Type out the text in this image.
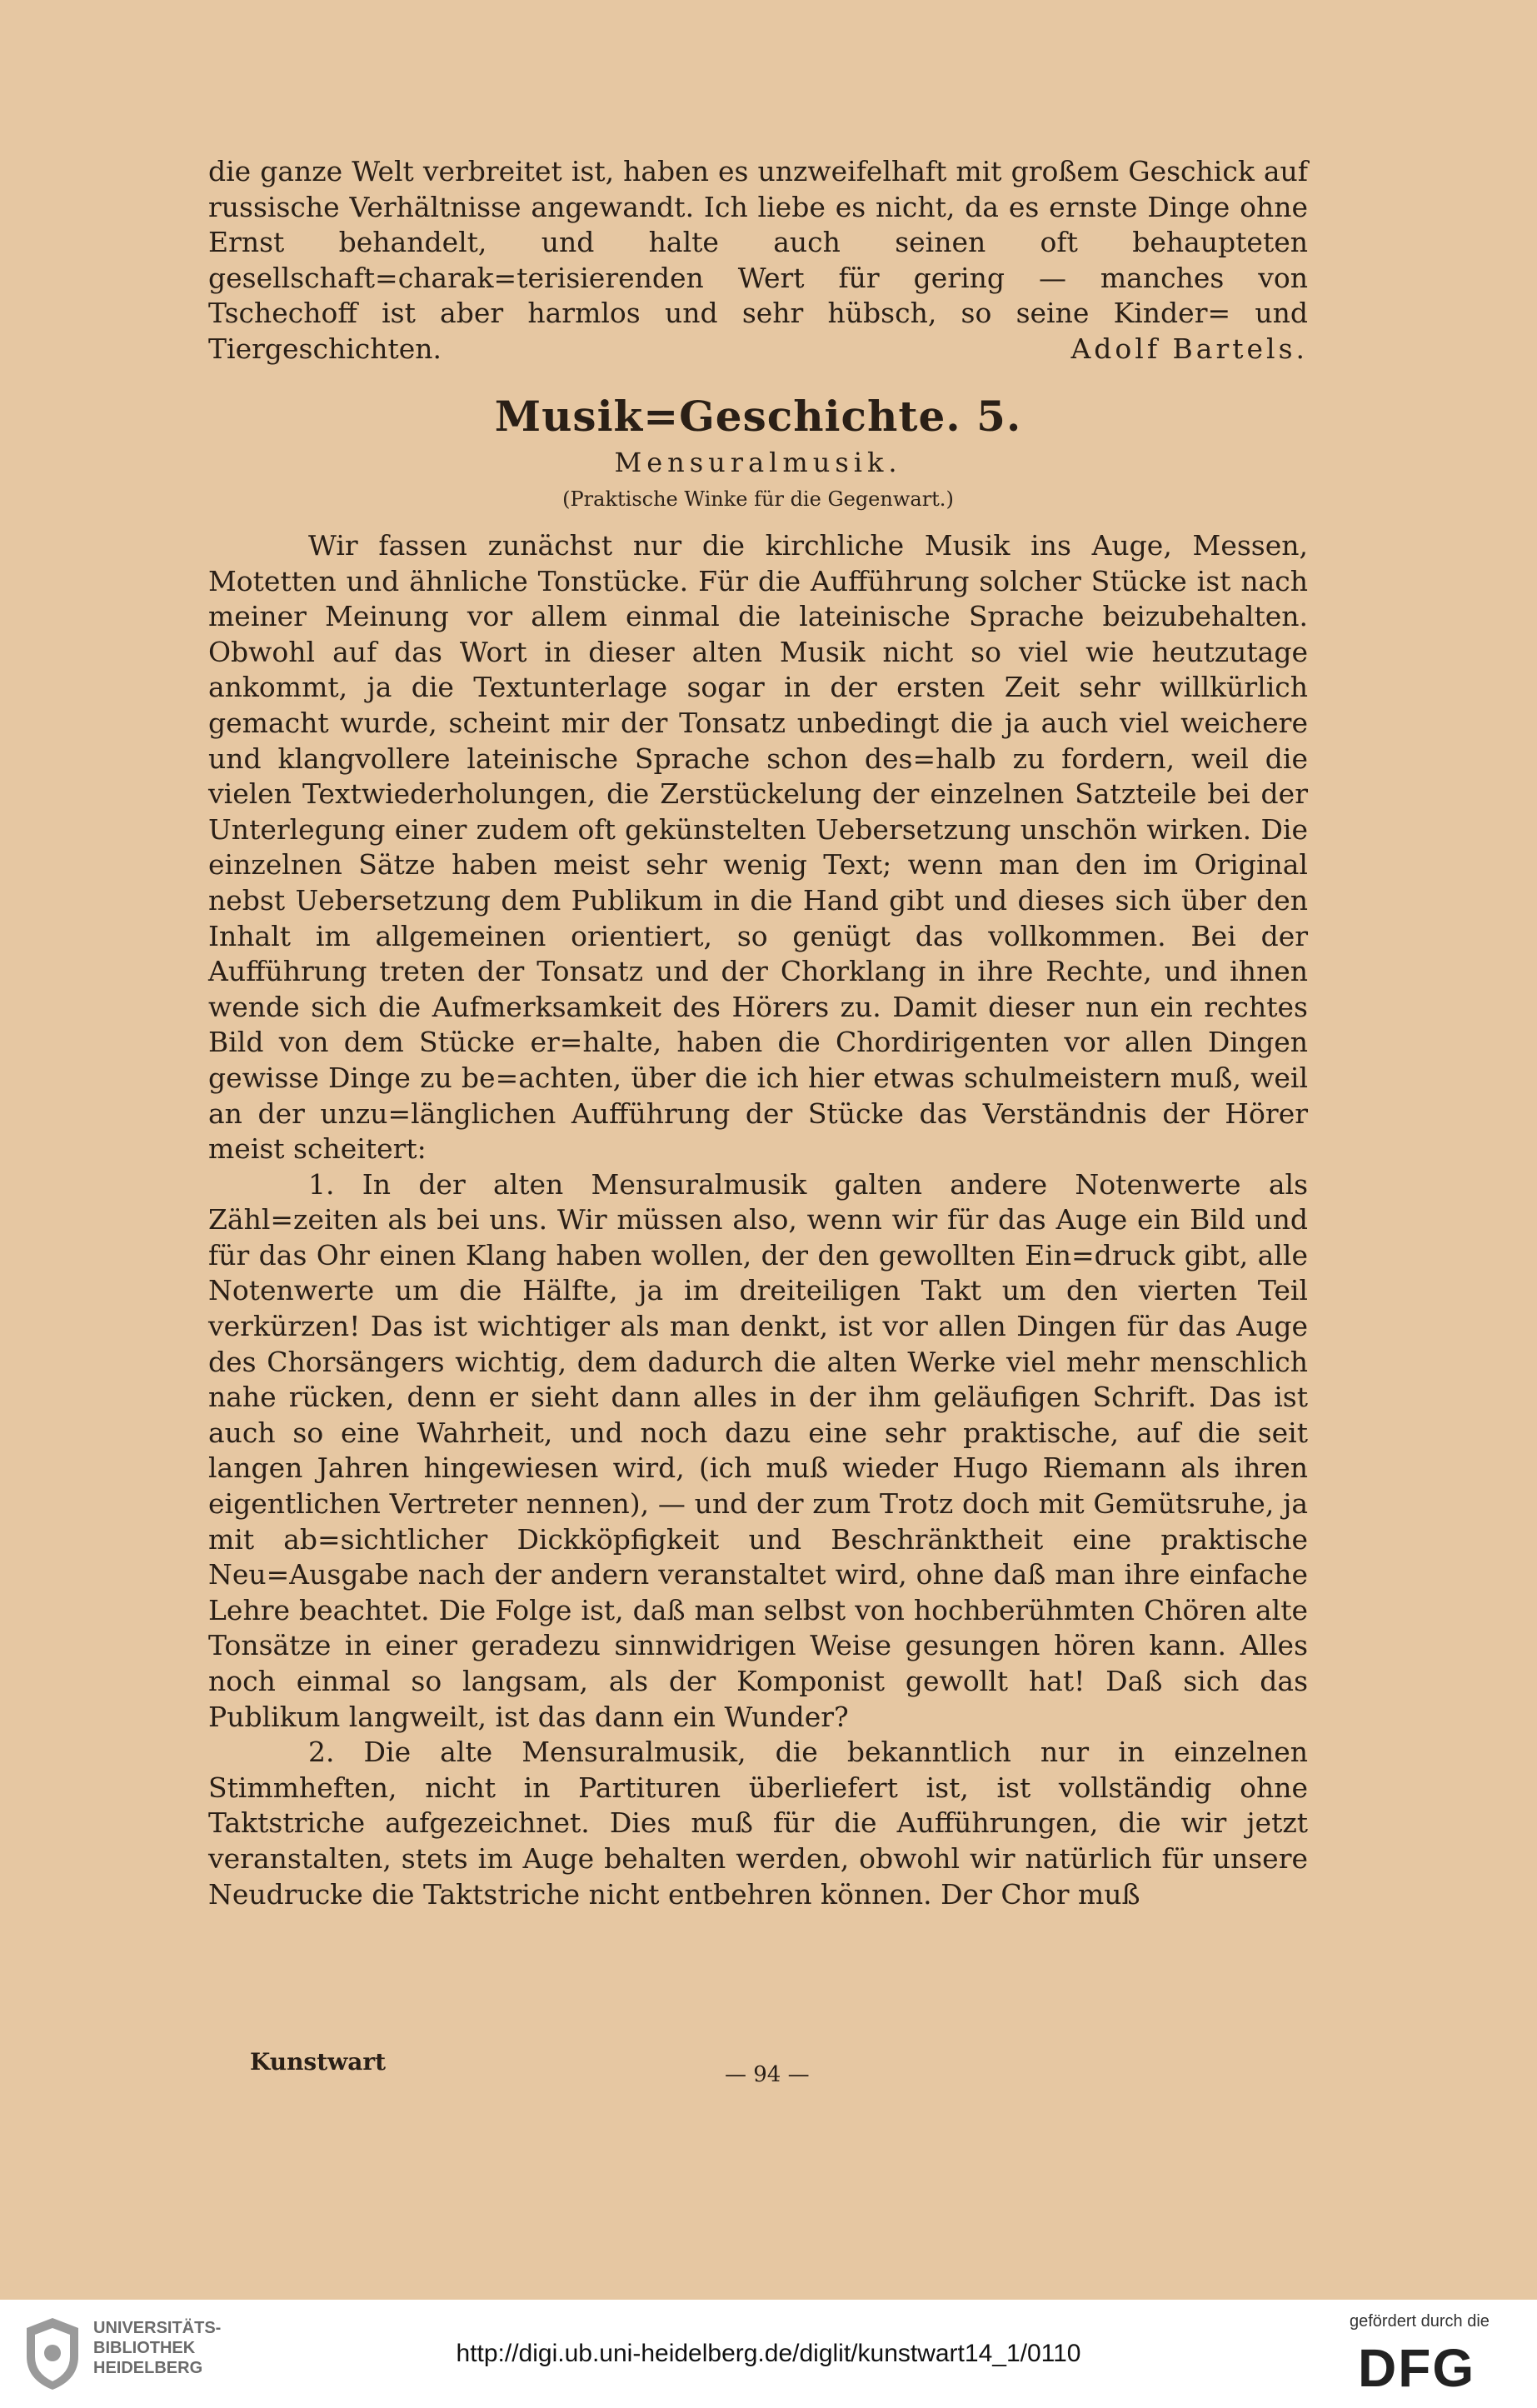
die ganze Welt verbreitet ist, haben es unzweifelhaft mit großem Geschick auf russische Verhältnisse angewandt. Ich liebe es nicht, da es ernste Dinge ohne Ernst behandelt, und halte auch seinen oft behaupteten gesellschaft=charak=terisierenden Wert für gering — manches von Tschechoff ist aber harmlos und sehr hübsch, so seine Kinder= und Tiergeschichten.	Adolf Bartels.

Musik=Geschichte. 5.
Mensuralmusik.
(Praktische Winke für die Gegenwart.)

Wir fassen zunächst nur die kirchliche Musik ins Auge, Messen, Motetten und ähnliche Tonstücke. Für die Aufführung solcher Stücke ist nach meiner Meinung vor allem einmal die lateinische Sprache beizubehalten. Obwohl auf das Wort in dieser alten Musik nicht so viel wie heutzutage ankommt, ja die Textunterlage sogar in der ersten Zeit sehr willkürlich gemacht wurde, scheint mir der Tonsatz unbedingt die ja auch viel weichere und klangvollere lateinische Sprache schon des=halb zu fordern, weil die vielen Textwiederholungen, die Zerstückelung der einzelnen Satzteile bei der Unterlegung einer zudem oft gekünstelten Uebersetzung unschön wirken. Die einzelnen Sätze haben meist sehr wenig Text; wenn man den im Original nebst Uebersetzung dem Publikum in die Hand gibt und dieses sich über den Inhalt im allgemeinen orientiert, so genügt das vollkommen. Bei der Aufführung treten der Tonsatz und der Chorklang in ihre Rechte, und ihnen wende sich die Aufmerksamkeit des Hörers zu. Damit dieser nun ein rechtes Bild von dem Stücke er=halte, haben die Chordirigenten vor allen Dingen gewisse Dinge zu be=achten, über die ich hier etwas schulmeistern muß, weil an der unzu=länglichen Aufführung der Stücke das Verständnis der Hörer meist scheitert:

1. In der alten Mensuralmusik galten andere Notenwerte als Zähl=zeiten als bei uns. Wir müssen also, wenn wir für das Auge ein Bild und für das Ohr einen Klang haben wollen, der den gewollten Ein=druck gibt, alle Notenwerte um die Hälfte, ja im dreiteiligen Takt um den vierten Teil verkürzen! Das ist wichtiger als man denkt, ist vor allen Dingen für das Auge des Chorsängers wichtig, dem dadurch die alten Werke viel mehr menschlich nahe rücken, denn er sieht dann alles in der ihm geläufigen Schrift. Das ist auch so eine Wahrheit, und noch dazu eine sehr praktische, auf die seit langen Jahren hingewiesen wird, (ich muß wieder Hugo Riemann als ihren eigentlichen Vertreter nennen), — und der zum Trotz doch mit Gemütsruhe, ja mit ab=sichtlicher Dickköpfigkeit und Beschränktheit eine praktische Neu=Ausgabe nach der andern veranstaltet wird, ohne daß man ihre einfache Lehre beachtet. Die Folge ist, daß man selbst von hochberühmten Chören alte Tonsätze in einer geradezu sinnwidrigen Weise gesungen hören kann. Alles noch einmal so langsam, als der Komponist gewollt hat! Daß sich das Publikum langweilt, ist das dann ein Wunder?

2. Die alte Mensuralmusik, die bekanntlich nur in einzelnen Stimmheften, nicht in Partituren überliefert ist, ist vollständig ohne Taktstriche aufgezeichnet. Dies muß für die Aufführungen, die wir jetzt veranstalten, stets im Auge behalten werden, obwohl wir natürlich für unsere Neudrucke die Taktstriche nicht entbehren können. Der Chor muß

Kunstwart	— 94 —
UNIVERSITÄTS-
BIBLIOTHEK
HEIDELBERG
http://digi.ub.uni-heidelberg.de/diglit/kunstwart14_1/0110
gefördert durch die
DFG
